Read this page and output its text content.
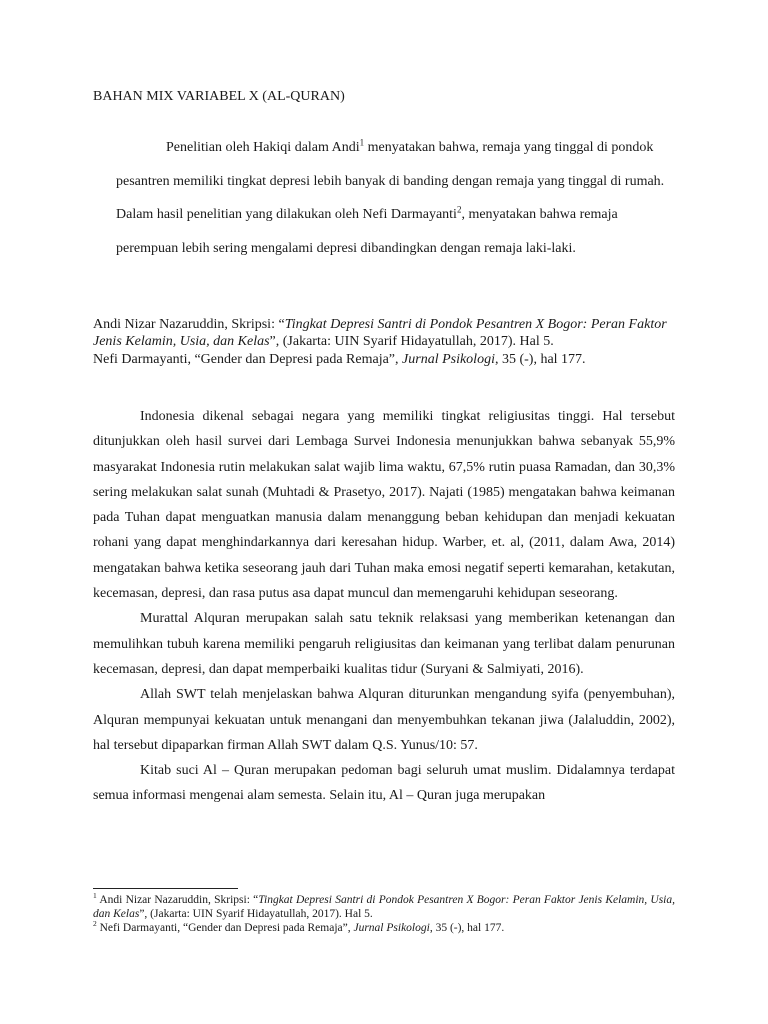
BAHAN MIX VARIABEL X (AL-QURAN)

Penelitian oleh Hakiqi dalam Andi$^1$ menyatakan bahwa, remaja yang tinggal di pondok pesantren memiliki tingkat depresi lebih banyak di banding dengan remaja yang tinggal di rumah. Dalam hasil penelitian yang dilakukan oleh Nefi Darmayanti$^2$, menyatakan bahwa remaja perempuan lebih sering mengalami depresi dibandingkan dengan remaja laki-laki.

Andi Nizar Nazaruddin, Skripsi: “Tingkat Depresi Santri di Pondok Pesantren X Bogor: Peran Faktor Jenis Kelamin, Usia, dan Kelas”, (Jakarta: UIN Syarif Hidayatullah, 2017). Hal 5.

Nefi Darmayanti, “Gender dan Depresi pada Remaja”, Jurnal Psikologi, 35 (-), hal 177.

Indonesia dikenal sebagai negara yang memiliki tingkat religiusitas tinggi. Hal tersebut ditunjukkan oleh hasil survei dari Lembaga Survei Indonesia menunjukkan bahwa sebanyak 55,9% masyarakat Indonesia rutin melakukan salat wajib lima waktu, 67,5% rutin puasa Ramadan, dan 30,3% sering melakukan salat sunah (Muhtadi & Prasetyo, 2017). Najati (1985) mengatakan bahwa keimanan pada Tuhan dapat menguatkan manusia dalam menanggung beban kehidupan dan menjadi kekuatan rohani yang dapat menghindarkannya dari keresahan hidup. Warber, et. al, (2011, dalam Awa, 2014) mengatakan bahwa ketika seseorang jauh dari Tuhan maka emosi negatif seperti kemarahan, ketakutan, kecemasan, depresi, dan rasa putus asa dapat muncul dan memengaruhi kehidupan seseorang.

Murattal Alquran merupakan salah satu teknik relaksasi yang memberikan ketenangan dan memulihkan tubuh karena memiliki pengaruh religiusitas dan keimanan yang terlibat dalam penurunan kecemasan, depresi, dan dapat memperbaiki kualitas tidur (Suryani & Salmiyati, 2016).

Allah SWT telah menjelaskan bahwa Alquran diturunkan mengandung syifa (penyembuhan), Alquran mempunyai kekuatan untuk menangani dan menyembuhkan tekanan jiwa (Jalaluddin, 2002), hal tersebut dipaparkan firman Allah SWT dalam Q.S. Yunus/10: 57.

Kitab suci Al – Quran merupakan pedoman bagi seluruh umat muslim. Didalamnya terdapat semua informasi mengenai alam semesta. Selain itu, Al – Quran juga merupakan

$^1$ Andi Nizar Nazaruddin, Skripsi: “Tingkat Depresi Santri di Pondok Pesantren X Bogor: Peran Faktor Jenis Kelamin, Usia, dan Kelas”, (Jakarta: UIN Syarif Hidayatullah, 2017). Hal 5.

$^2$ Nefi Darmayanti, “Gender dan Depresi pada Remaja”, Jurnal Psikologi, 35 (-), hal 177.
